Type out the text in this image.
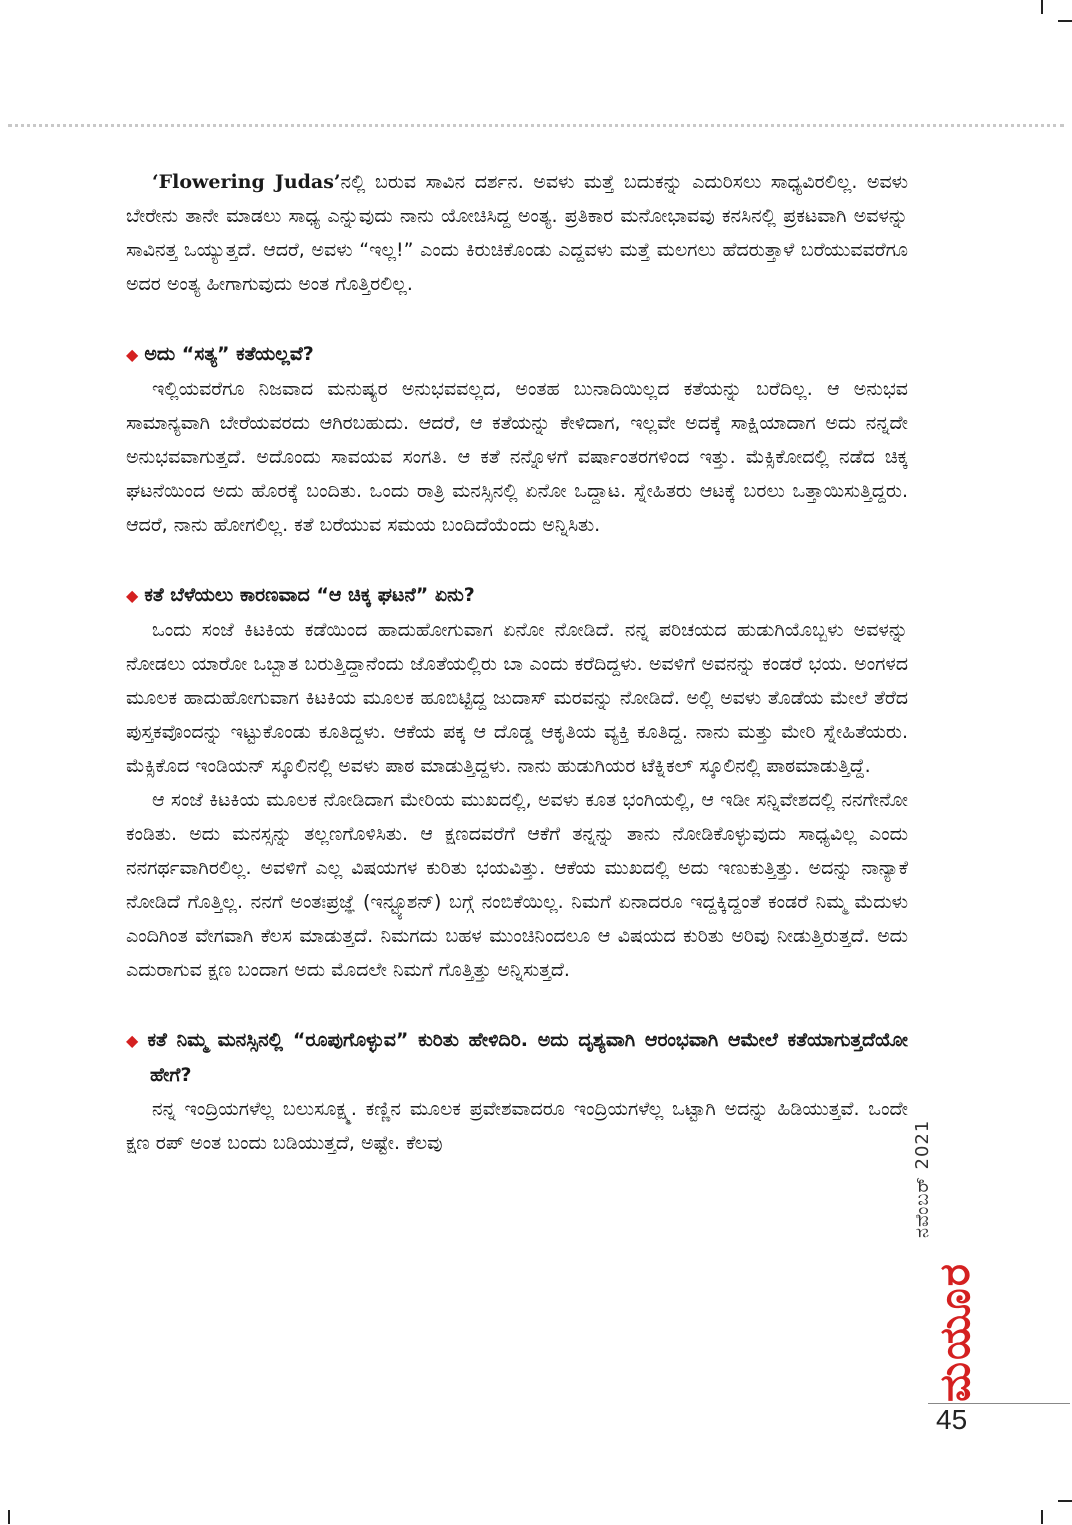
‘Flowering Judas’ನಲ್ಲಿ ಬರುವ ಸಾವಿನ ದರ್ಶನ. ಅವಳು ಮತ್ತೆ ಬದುಕನ್ನು ಎದುರಿಸಲು ಸಾಧ್ಯವಿರಲಿಲ್ಲ. ಅವಳು ಬೇರೇನು ತಾನೇ ಮಾಡಲು ಸಾಧ್ಯ ಎನ್ನುವುದು ನಾನು ಯೋಚಿಸಿದ್ದ ಅಂತ್ಯ. ಪ್ರತಿಕಾರ ಮನೋಭಾವವು ಕನಸಿನಲ್ಲಿ ಪ್ರಕಟವಾಗಿ ಅವಳನ್ನು ಸಾವಿನತ್ತ ಒಯ್ಯುತ್ತದೆ. ಆದರೆ, ಅವಳು “ಇಲ್ಲ!” ಎಂದು ಕಿರುಚಿಕೊಂಡು ಎದ್ದವಳು ಮತ್ತೆ ಮಲಗಲು ಹೆದರುತ್ತಾಳೆ ಬರೆಯುವವರೆಗೂ ಅದರ ಅಂತ್ಯ ಹೀಗಾಗುವುದು ಅಂತ ಗೊತ್ತಿರಲಿಲ್ಲ.

◆ ಅದು “ಸತ್ಯ” ಕತೆಯಲ್ಲವೆ?

ಇಲ್ಲಿಯವರೆಗೂ ನಿಜವಾದ ಮನುಷ್ಯರ ಅನುಭವವಲ್ಲದ, ಅಂತಹ ಬುನಾದಿಯಿಲ್ಲದ ಕತೆಯನ್ನು ಬರೆದಿಲ್ಲ. ಆ ಅನುಭವ ಸಾಮಾನ್ಯವಾಗಿ ಬೇರೆಯವರದು ಆಗಿರಬಹುದು. ಆದರೆ, ಆ ಕತೆಯನ್ನು ಕೇಳಿದಾಗ, ಇಲ್ಲವೇ ಅದಕ್ಕೆ ಸಾಕ್ಷಿಯಾದಾಗ ಅದು ನನ್ನದೇ ಅನುಭವವಾಗುತ್ತದೆ. ಅದೊಂದು ಸಾವಯವ ಸಂಗತಿ. ಆ ಕತೆ ನನ್ನೊಳಗೆ ವರ್ಷಾಂತರಗಳಿಂದ ಇತ್ತು. ಮೆಕ್ಸಿಕೋದಲ್ಲಿ ನಡೆದ ಚಿಕ್ಕ ಘಟನೆಯಿಂದ ಅದು ಹೊರಕ್ಕೆ ಬಂದಿತು. ಒಂದು ರಾತ್ರಿ ಮನಸ್ಸಿನಲ್ಲಿ ಏನೋ ಒದ್ದಾಟ. ಸ್ನೇಹಿತರು ಆಟಕ್ಕೆ ಬರಲು ಒತ್ತಾಯಿಸುತ್ತಿದ್ದರು. ಆದರೆ, ನಾನು ಹೋಗಲಿಲ್ಲ. ಕತೆ ಬರೆಯುವ ಸಮಯ ಬಂದಿದೆಯೆಂದು ಅನ್ನಿಸಿತು.

◆ ಕತೆ ಬೆಳೆಯಲು ಕಾರಣವಾದ “ಆ ಚಿಕ್ಕ ಘಟನೆ” ಏನು?

ಒಂದು ಸಂಜೆ ಕಿಟಕಿಯ ಕಡೆಯಿಂದ ಹಾದುಹೋಗುವಾಗ ಏನೋ ನೋಡಿದೆ. ನನ್ನ ಪರಿಚಯದ ಹುಡುಗಿಯೊಬ್ಬಳು ಅವಳನ್ನು ನೋಡಲು ಯಾರೋ ಒಬ್ಬಾತ ಬರುತ್ತಿದ್ದಾನೆಂದು ಜೊತೆಯಲ್ಲಿರು ಬಾ ಎಂದು ಕರೆದಿದ್ದಳು. ಅವಳಿಗೆ ಅವನನ್ನು ಕಂಡರೆ ಭಯ. ಅಂಗಳದ ಮೂಲಕ ಹಾದುಹೋಗುವಾಗ ಕಿಟಕಿಯ ಮೂಲಕ ಹೂಬಿಟ್ಟಿದ್ದ ಜುದಾಸ್ ಮರವನ್ನು ನೋಡಿದೆ. ಅಲ್ಲಿ ಅವಳು ತೊಡೆಯ ಮೇಲೆ ತೆರೆದ ಪುಸ್ತಕವೊಂದನ್ನು ಇಟ್ಟುಕೊಂಡು ಕೂತಿದ್ದಳು. ಆಕೆಯ ಪಕ್ಕ ಆ ದೊಡ್ಡ ಆಕೃತಿಯ ವ್ಯಕ್ತಿ ಕೂತಿದ್ದ. ನಾನು ಮತ್ತು ಮೇರಿ ಸ್ನೇಹಿತೆಯರು. ಮೆಕ್ಸಿಕೊದ ಇಂಡಿಯನ್ ಸ್ಕೂಲಿನಲ್ಲಿ ಅವಳು ಪಾಠ ಮಾಡುತ್ತಿದ್ದಳು. ನಾನು ಹುಡುಗಿಯರ ಟೆಕ್ನಿಕಲ್ ಸ್ಕೂಲಿನಲ್ಲಿ ಪಾಠಮಾಡುತ್ತಿದ್ದೆ.

ಆ ಸಂಜೆ ಕಿಟಕಿಯ ಮೂಲಕ ನೋಡಿದಾಗ ಮೇರಿಯ ಮುಖದಲ್ಲಿ, ಅವಳು ಕೂತ ಭಂಗಿಯಲ್ಲಿ, ಆ ಇಡೀ ಸನ್ನಿವೇಶದಲ್ಲಿ ನನಗೇನೋ ಕಂಡಿತು. ಅದು ಮನಸ್ಸನ್ನು ತಲ್ಲಣಗೊಳಿಸಿತು. ಆ ಕ್ಷಣದವರೆಗೆ ಆಕೆಗೆ ತನ್ನನ್ನು ತಾನು ನೋಡಿಕೊಳ್ಳುವುದು ಸಾಧ್ಯವಿಲ್ಲ ಎಂದು ನನಗರ್ಥವಾಗಿರಲಿಲ್ಲ. ಅವಳಿಗೆ ಎಲ್ಲ ವಿಷಯಗಳ ಕುರಿತು ಭಯವಿತ್ತು. ಆಕೆಯ ಮುಖದಲ್ಲಿ ಅದು ಇಣುಕುತ್ತಿತ್ತು. ಅದನ್ನು ನಾನ್ಯಾಕೆ ನೋಡಿದೆ ಗೊತ್ತಿಲ್ಲ. ನನಗೆ ಅಂತಃಪ್ರಜ್ಞೆ (ಇನ್ಟ್ಯೂಶನ್) ಬಗ್ಗೆ ನಂಬಿಕೆಯಿಲ್ಲ. ನಿಮಗೆ ಏನಾದರೂ ಇದ್ದಕ್ಕಿದ್ದಂತೆ ಕಂಡರೆ ನಿಮ್ಮ ಮೆದುಳು ಎಂದಿಗಿಂತ ವೇಗವಾಗಿ ಕೆಲಸ ಮಾಡುತ್ತದೆ. ನಿಮಗದು ಬಹಳ ಮುಂಚಿನಿಂದಲೂ ಆ ವಿಷಯದ ಕುರಿತು ಅರಿವು ನೀಡುತ್ತಿರುತ್ತದೆ. ಅದು ಎದುರಾಗುವ ಕ್ಷಣ ಬಂದಾಗ ಅದು ಮೊದಲೇ ನಿಮಗೆ ಗೊತ್ತಿತ್ತು ಅನ್ನಿಸುತ್ತದೆ.

◆ ಕತೆ ನಿಮ್ಮ ಮನಸ್ಸಿನಲ್ಲಿ “ರೂಪುಗೊಳ್ಳುವ” ಕುರಿತು ಹೇಳಿದಿರಿ. ಅದು ದೃಶ್ಯವಾಗಿ ಆರಂಭವಾಗಿ ಆಮೇಲೆ ಕತೆಯಾಗುತ್ತದೆಯೋ ಹೇಗೆ?

ನನ್ನ ಇಂದ್ರಿಯಗಳೆಲ್ಲ ಬಲುಸೂಕ್ಷ್ಮ. ಕಣ್ಣಿನ ಮೂಲಕ ಪ್ರವೇಶವಾದರೂ ಇಂದ್ರಿಯಗಳೆಲ್ಲ ಒಟ್ಟಾಗಿ ಅದನ್ನು ಹಿಡಿಯುತ್ತವೆ. ಒಂದೇ ಕ್ಷಣ ರಪ್ ಅಂತ ಬಂದು ಬಡಿಯುತ್ತದೆ, ಅಷ್ಟೇ. ಕೆಲವು	ನವೆಂಬರ್ 2021
ಮಯೂರ
45
